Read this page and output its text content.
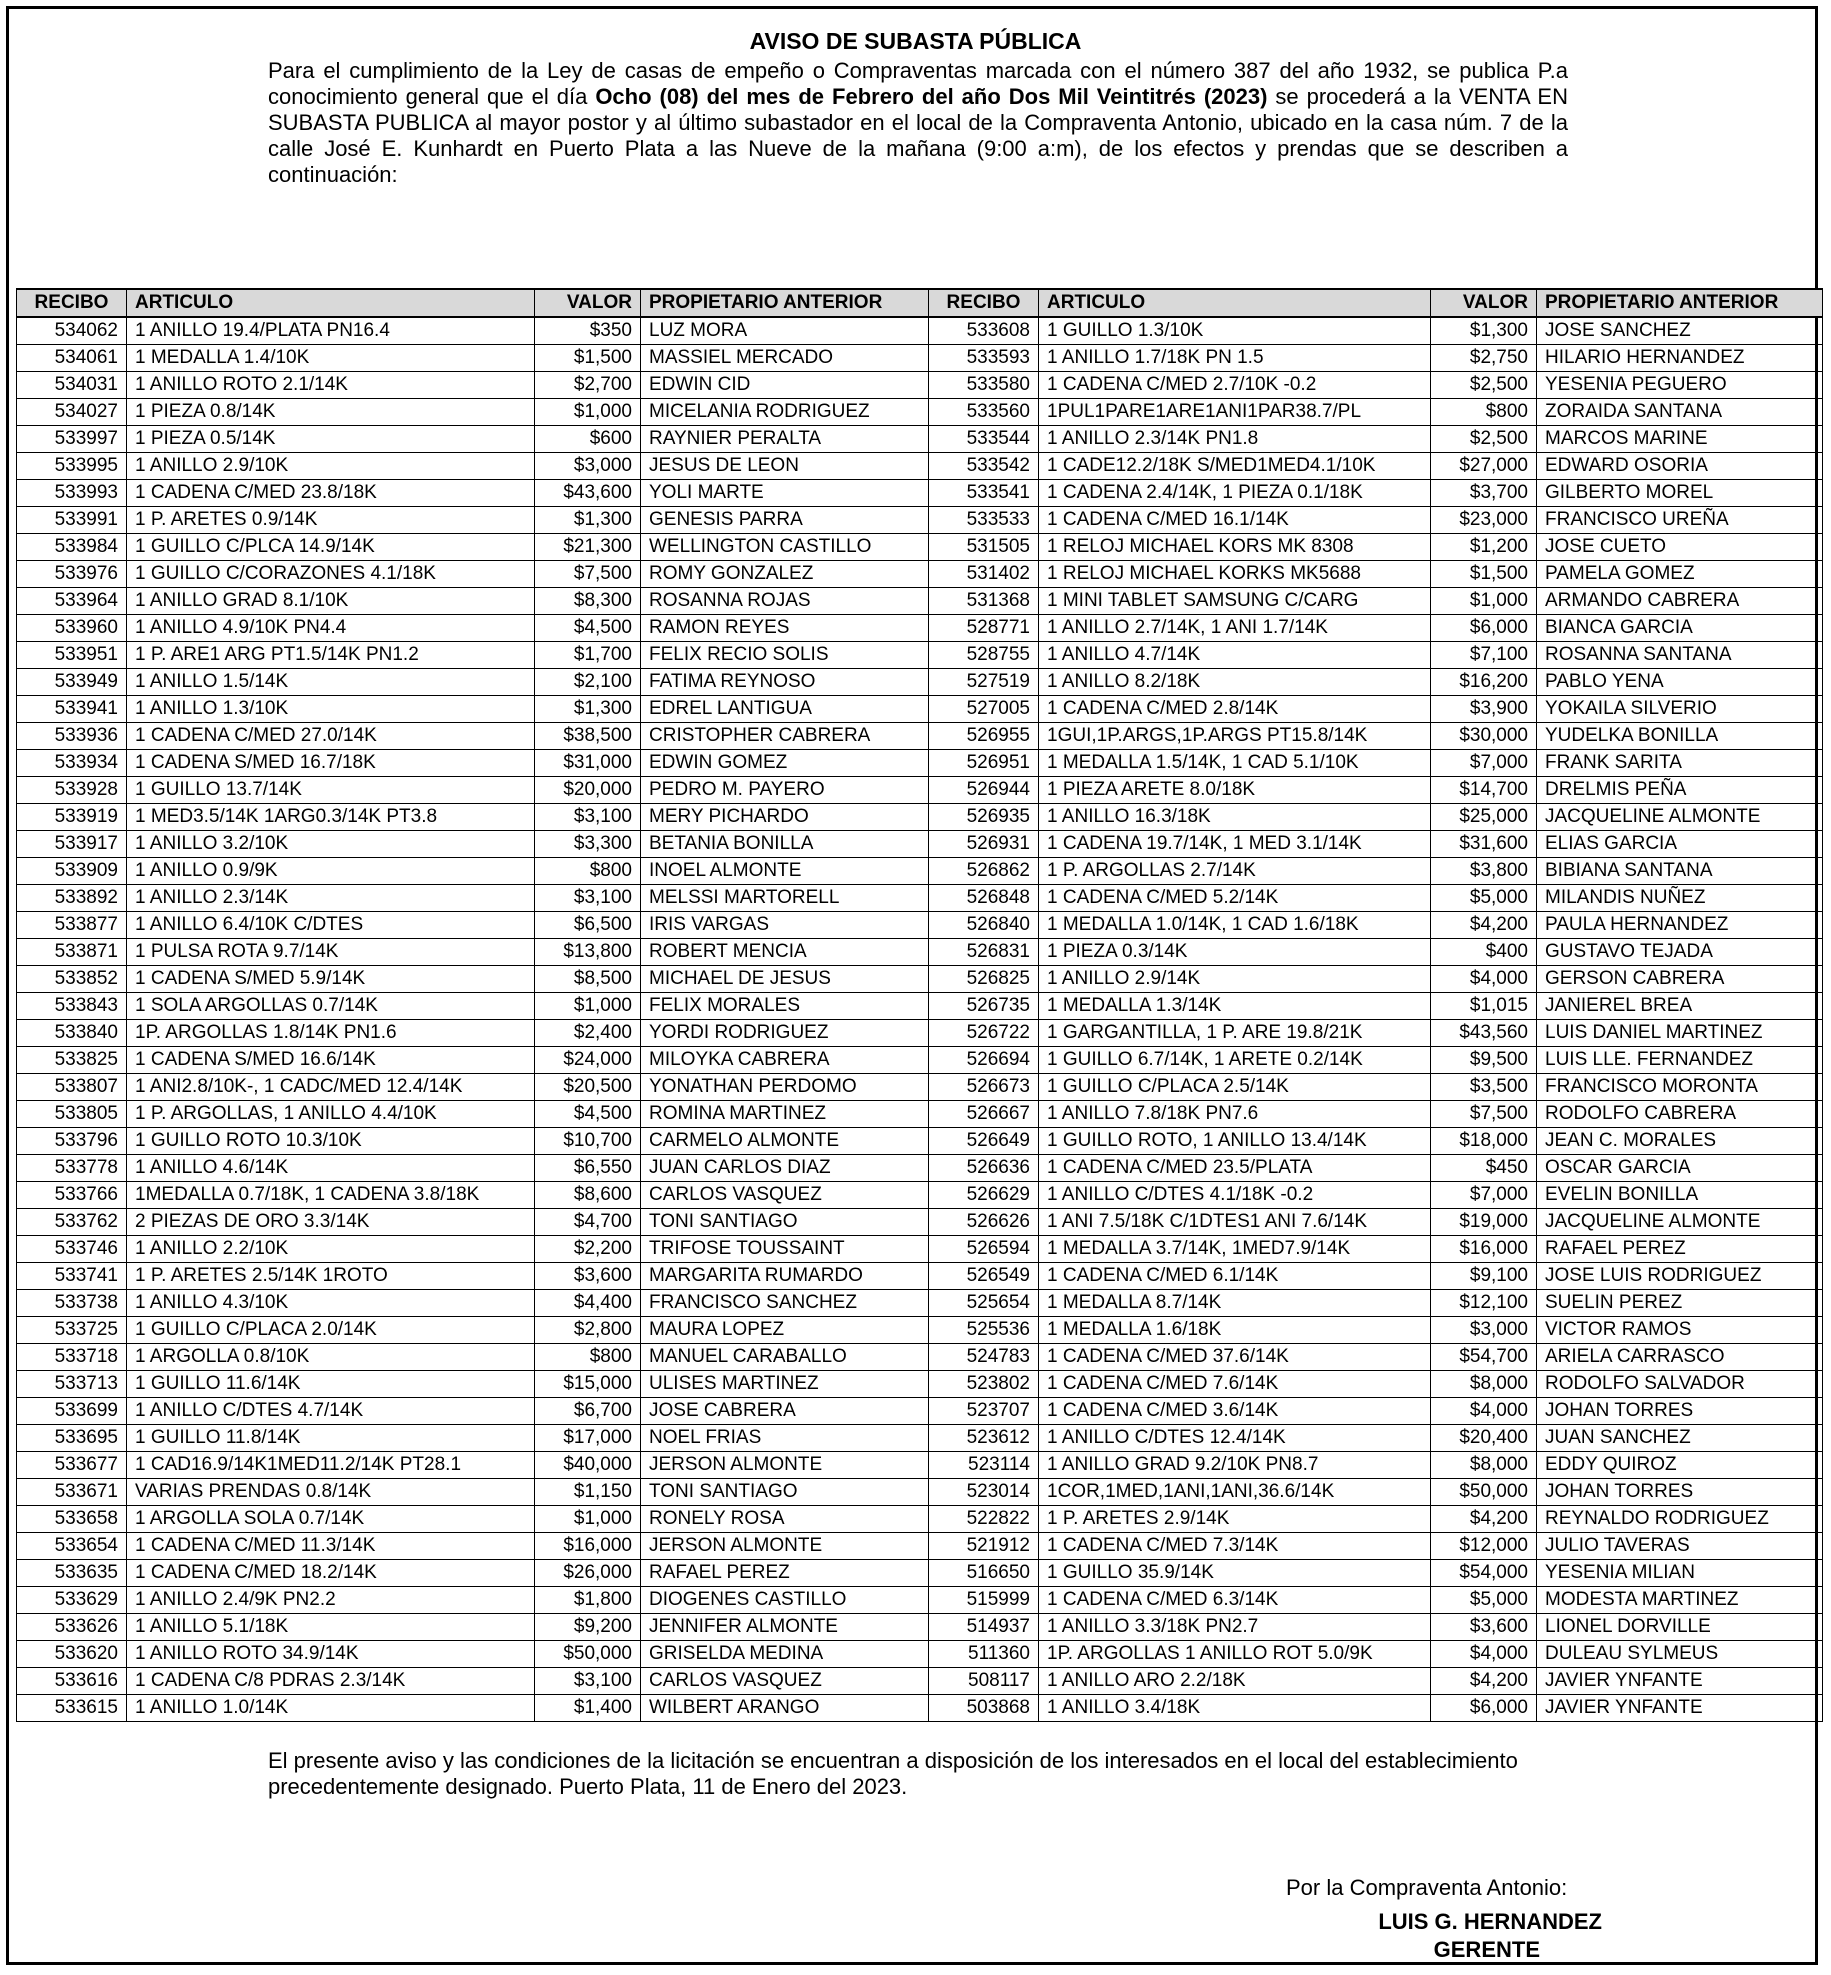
AVISO DE SUBASTA PÚBLICA
Para el cumplimiento de la Ley de casas de empeño o Compraventas marcada con el número 387 del año 1932, se publica P.a conocimiento general que el día Ocho (08) del mes de Febrero del año Dos Mil Veintitrés (2023) se procederá a la VENTA EN SUBASTA PUBLICA al mayor postor y al último subastador en el local de la Compraventa Antonio, ubicado en la casa núm. 7 de la calle José E. Kunhardt en Puerto Plata a las Nueve de la mañana (9:00 a:m), de los efectos y prendas que se describen a continuación:
RECIBO	ARTICULO	VALOR	PROPIETARIO ANTERIOR	RECIBO	ARTICULO	VALOR	PROPIETARIO ANTERIOR
534062	1 ANILLO 19.4/PLATA PN16.4	$350	LUZ MORA	533608	1 GUILLO 1.3/10K	$1,300	JOSE SANCHEZ
534061	1 MEDALLA 1.4/10K	$1,500	MASSIEL MERCADO	533593	1 ANILLO 1.7/18K PN 1.5	$2,750	HILARIO HERNANDEZ
534031	1 ANILLO ROTO 2.1/14K	$2,700	EDWIN CID	533580	1 CADENA C/MED 2.7/10K -0.2	$2,500	YESENIA PEGUERO
534027	1 PIEZA 0.8/14K	$1,000	MICELANIA RODRIGUEZ	533560	1PUL1PARE1ARE1ANI1PAR38.7/PL	$800	ZORAIDA SANTANA
533997	1 PIEZA 0.5/14K	$600	RAYNIER PERALTA	533544	1 ANILLO 2.3/14K PN1.8	$2,500	MARCOS MARINE
533995	1 ANILLO 2.9/10K	$3,000	JESUS DE LEON	533542	1 CADE12.2/18K S/MED1MED4.1/10K	$27,000	EDWARD OSORIA
533993	1 CADENA C/MED 23.8/18K	$43,600	YOLI MARTE	533541	1 CADENA 2.4/14K, 1 PIEZA 0.1/18K	$3,700	GILBERTO MOREL
533991	1 P. ARETES 0.9/14K	$1,300	GENESIS PARRA	533533	1 CADENA C/MED 16.1/14K	$23,000	FRANCISCO UREÑA
533984	1 GUILLO C/PLCA 14.9/14K	$21,300	WELLINGTON CASTILLO	531505	1 RELOJ MICHAEL KORS MK 8308	$1,200	JOSE CUETO
533976	1 GUILLO C/CORAZONES 4.1/18K	$7,500	ROMY GONZALEZ	531402	1 RELOJ MICHAEL KORKS MK5688	$1,500	PAMELA GOMEZ
533964	1 ANILLO GRAD 8.1/10K	$8,300	ROSANNA ROJAS	531368	1 MINI TABLET SAMSUNG C/CARG	$1,000	ARMANDO CABRERA
533960	1 ANILLO 4.9/10K PN4.4	$4,500	RAMON REYES	528771	1 ANILLO 2.7/14K, 1 ANI 1.7/14K	$6,000	BIANCA GARCIA
533951	1 P. ARE1 ARG PT1.5/14K PN1.2	$1,700	FELIX RECIO SOLIS	528755	1 ANILLO 4.7/14K	$7,100	ROSANNA SANTANA
533949	1 ANILLO 1.5/14K	$2,100	FATIMA REYNOSO	527519	1 ANILLO 8.2/18K	$16,200	PABLO YENA
533941	1 ANILLO 1.3/10K	$1,300	EDREL LANTIGUA	527005	1 CADENA C/MED 2.8/14K	$3,900	YOKAILA SILVERIO
533936	1 CADENA C/MED 27.0/14K	$38,500	CRISTOPHER CABRERA	526955	1GUI,1P.ARGS,1P.ARGS PT15.8/14K	$30,000	YUDELKA BONILLA
533934	1 CADENA S/MED 16.7/18K	$31,000	EDWIN GOMEZ	526951	1 MEDALLA 1.5/14K, 1 CAD 5.1/10K	$7,000	FRANK SARITA
533928	1 GUILLO 13.7/14K	$20,000	PEDRO M. PAYERO	526944	1 PIEZA ARETE 8.0/18K	$14,700	DRELMIS PEÑA
533919	1 MED3.5/14K 1ARG0.3/14K PT3.8	$3,100	MERY PICHARDO	526935	1 ANILLO 16.3/18K	$25,000	JACQUELINE ALMONTE
533917	1 ANILLO 3.2/10K	$3,300	BETANIA BONILLA	526931	1 CADENA 19.7/14K, 1 MED 3.1/14K	$31,600	ELIAS GARCIA
533909	1 ANILLO 0.9/9K	$800	INOEL ALMONTE	526862	1 P. ARGOLLAS 2.7/14K	$3,800	BIBIANA SANTANA
533892	1 ANILLO 2.3/14K	$3,100	MELSSI MARTORELL	526848	1 CADENA C/MED 5.2/14K	$5,000	MILANDIS NUÑEZ
533877	1 ANILLO 6.4/10K C/DTES	$6,500	IRIS VARGAS	526840	1 MEDALLA 1.0/14K, 1 CAD 1.6/18K	$4,200	PAULA HERNANDEZ
533871	1 PULSA ROTA 9.7/14K	$13,800	ROBERT MENCIA	526831	1 PIEZA 0.3/14K	$400	GUSTAVO TEJADA
533852	1 CADENA S/MED 5.9/14K	$8,500	MICHAEL DE JESUS	526825	1 ANILLO 2.9/14K	$4,000	GERSON CABRERA
533843	1 SOLA ARGOLLAS 0.7/14K	$1,000	FELIX MORALES	526735	1 MEDALLA 1.3/14K	$1,015	JANIEREL BREA
533840	1P. ARGOLLAS 1.8/14K PN1.6	$2,400	YORDI RODRIGUEZ	526722	1 GARGANTILLA, 1 P. ARE 19.8/21K	$43,560	LUIS DANIEL MARTINEZ
533825	1 CADENA S/MED 16.6/14K	$24,000	MILOYKA CABRERA	526694	1 GUILLO 6.7/14K, 1 ARETE 0.2/14K	$9,500	LUIS LLE. FERNANDEZ
533807	1 ANI2.8/10K-, 1 CADC/MED 12.4/14K	$20,500	YONATHAN PERDOMO	526673	1 GUILLO C/PLACA 2.5/14K	$3,500	FRANCISCO MORONTA
533805	1 P. ARGOLLAS, 1 ANILLO 4.4/10K	$4,500	ROMINA MARTINEZ	526667	1 ANILLO 7.8/18K PN7.6	$7,500	RODOLFO CABRERA
533796	1 GUILLO ROTO 10.3/10K	$10,700	CARMELO ALMONTE	526649	1 GUILLO ROTO, 1 ANILLO 13.4/14K	$18,000	JEAN C. MORALES
533778	1 ANILLO 4.6/14K	$6,550	JUAN CARLOS DIAZ	526636	1 CADENA C/MED 23.5/PLATA	$450	OSCAR GARCIA
533766	1MEDALLA 0.7/18K, 1 CADENA 3.8/18K	$8,600	CARLOS VASQUEZ	526629	1 ANILLO C/DTES 4.1/18K -0.2	$7,000	EVELIN BONILLA
533762	2 PIEZAS DE ORO 3.3/14K	$4,700	TONI SANTIAGO	526626	1 ANI 7.5/18K C/1DTES1 ANI 7.6/14K	$19,000	JACQUELINE ALMONTE
533746	1 ANILLO 2.2/10K	$2,200	TRIFOSE TOUSSAINT	526594	1 MEDALLA 3.7/14K, 1MED7.9/14K	$16,000	RAFAEL PEREZ
533741	1 P. ARETES 2.5/14K 1ROTO	$3,600	MARGARITA RUMARDO	526549	1 CADENA C/MED 6.1/14K	$9,100	JOSE LUIS RODRIGUEZ
533738	1 ANILLO 4.3/10K	$4,400	FRANCISCO SANCHEZ	525654	1 MEDALLA 8.7/14K	$12,100	SUELIN PEREZ
533725	1 GUILLO C/PLACA 2.0/14K	$2,800	MAURA LOPEZ	525536	1 MEDALLA 1.6/18K	$3,000	VICTOR RAMOS
533718	1 ARGOLLA 0.8/10K	$800	MANUEL CARABALLO	524783	1 CADENA C/MED 37.6/14K	$54,700	ARIELA CARRASCO
533713	1 GUILLO 11.6/14K	$15,000	ULISES MARTINEZ	523802	1 CADENA C/MED 7.6/14K	$8,000	RODOLFO SALVADOR
533699	1 ANILLO C/DTES 4.7/14K	$6,700	JOSE CABRERA	523707	1 CADENA C/MED 3.6/14K	$4,000	JOHAN TORRES
533695	1 GUILLO 11.8/14K	$17,000	NOEL FRIAS	523612	1 ANILLO C/DTES 12.4/14K	$20,400	JUAN SANCHEZ
533677	1 CAD16.9/14K1MED11.2/14K PT28.1	$40,000	JERSON ALMONTE	523114	1 ANILLO GRAD 9.2/10K PN8.7	$8,000	EDDY QUIROZ
533671	VARIAS PRENDAS 0.8/14K	$1,150	TONI SANTIAGO	523014	1COR,1MED,1ANI,1ANI,36.6/14K	$50,000	JOHAN TORRES
533658	1 ARGOLLA SOLA 0.7/14K	$1,000	RONELY ROSA	522822	1 P. ARETES 2.9/14K	$4,200	REYNALDO RODRIGUEZ
533654	1 CADENA C/MED 11.3/14K	$16,000	JERSON ALMONTE	521912	1 CADENA C/MED 7.3/14K	$12,000	JULIO TAVERAS
533635	1 CADENA C/MED 18.2/14K	$26,000	RAFAEL PEREZ	516650	1 GUILLO 35.9/14K	$54,000	YESENIA MILIAN
533629	1 ANILLO 2.4/9K PN2.2	$1,800	DIOGENES CASTILLO	515999	1 CADENA C/MED 6.3/14K	$5,000	MODESTA MARTINEZ
533626	1 ANILLO 5.1/18K	$9,200	JENNIFER ALMONTE	514937	1 ANILLO 3.3/18K PN2.7	$3,600	LIONEL DORVILLE
533620	1 ANILLO ROTO 34.9/14K	$50,000	GRISELDA MEDINA	511360	1P. ARGOLLAS 1 ANILLO ROT 5.0/9K	$4,000	DULEAU SYLMEUS
533616	1 CADENA C/8 PDRAS 2.3/14K	$3,100	CARLOS VASQUEZ	508117	1 ANILLO ARO 2.2/18K	$4,200	JAVIER YNFANTE
533615	1 ANILLO 1.0/14K	$1,400	WILBERT ARANGO	503868	1 ANILLO 3.4/18K	$6,000	JAVIER YNFANTE
El presente aviso y las condiciones de la licitación se encuentran a disposición de los interesados en el local del establecimiento precedentemente designado. Puerto Plata, 11 de Enero del 2023.
Por la Compraventa Antonio:
LUIS G. HERNANDEZ
GERENTE
